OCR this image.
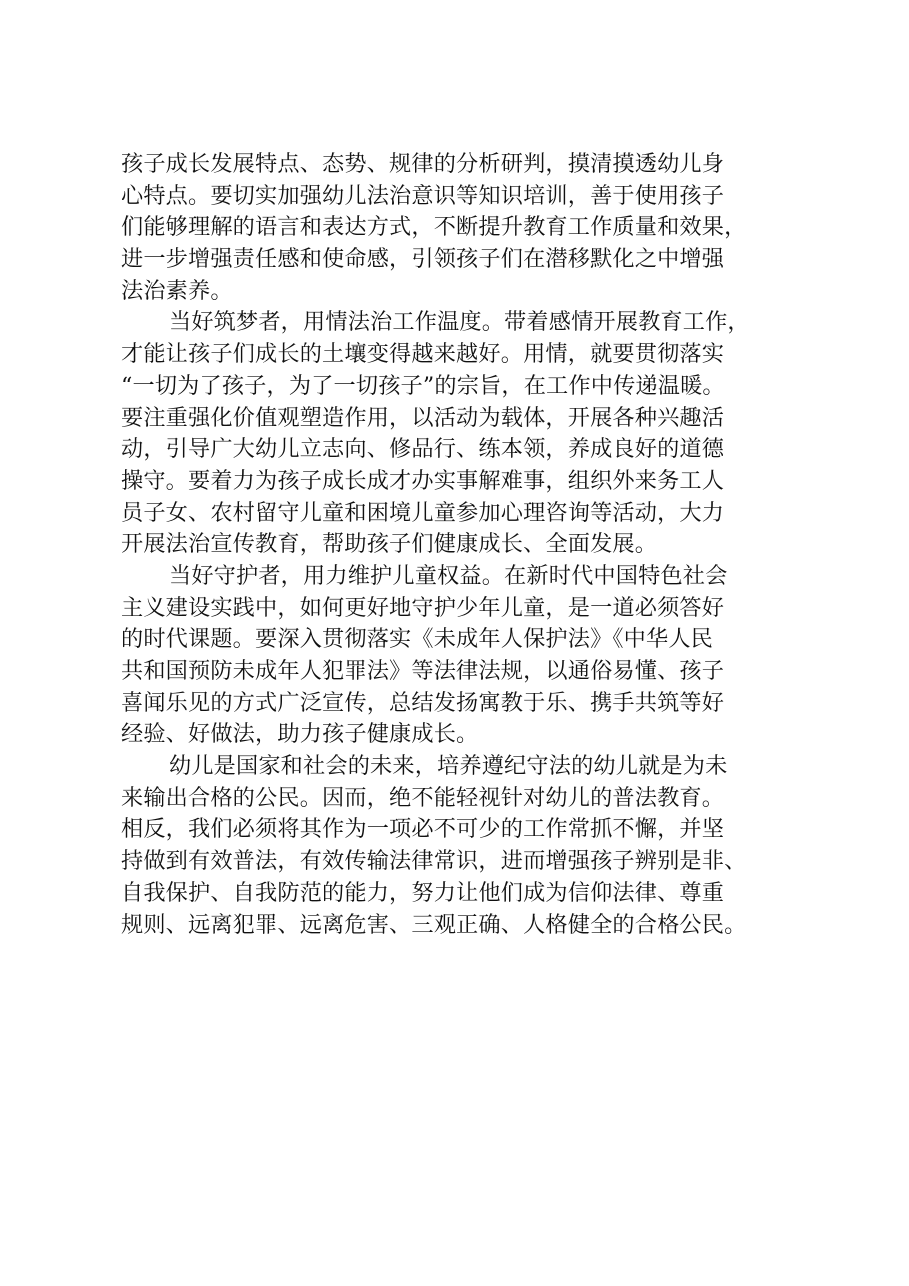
孩子成长发展特点、态势、规律的分析研判，摸清摸透幼儿身
心特点。要切实加强幼儿法治意识等知识培训，善于使用孩子
们能够理解的语言和表达方式，不断提升教育工作质量和效果，
进一步增强责任感和使命感，引领孩子们在潜移默化之中增强
法治素养。
当好筑梦者，用情法治工作温度。带着感情开展教育工作，
才能让孩子们成长的土壤变得越来越好。用情，就要贯彻落实
“一切为了孩子，为了一切孩子”的宗旨，在工作中传递温暖。
要注重强化价值观塑造作用，以活动为载体，开展各种兴趣活
动，引导广大幼儿立志向、修品行、练本领，养成良好的道德
操守。要着力为孩子成长成才办实事解难事，组织外来务工人
员子女、农村留守儿童和困境儿童参加心理咨询等活动，大力
开展法治宣传教育，帮助孩子们健康成长、全面发展。
当好守护者，用力维护儿童权益。在新时代中国特色社会
主义建设实践中，如何更好地守护少年儿童，是一道必须答好
的时代课题。要深入贯彻落实《未成年人保护法》《中华人民
共和国预防未成年人犯罪法》等法律法规，以通俗易懂、孩子
喜闻乐见的方式广泛宣传，总结发扬寓教于乐、携手共筑等好
经验、好做法，助力孩子健康成长。
幼儿是国家和社会的未来，培养遵纪守法的幼儿就是为未
来输出合格的公民。因而，绝不能轻视针对幼儿的普法教育。
相反，我们必须将其作为一项必不可少的工作常抓不懈，并坚
持做到有效普法，有效传输法律常识，进而增强孩子辨别是非、
自我保护、自我防范的能力，努力让他们成为信仰法律、尊重
规则、远离犯罪、远离危害、三观正确、人格健全的合格公民。
